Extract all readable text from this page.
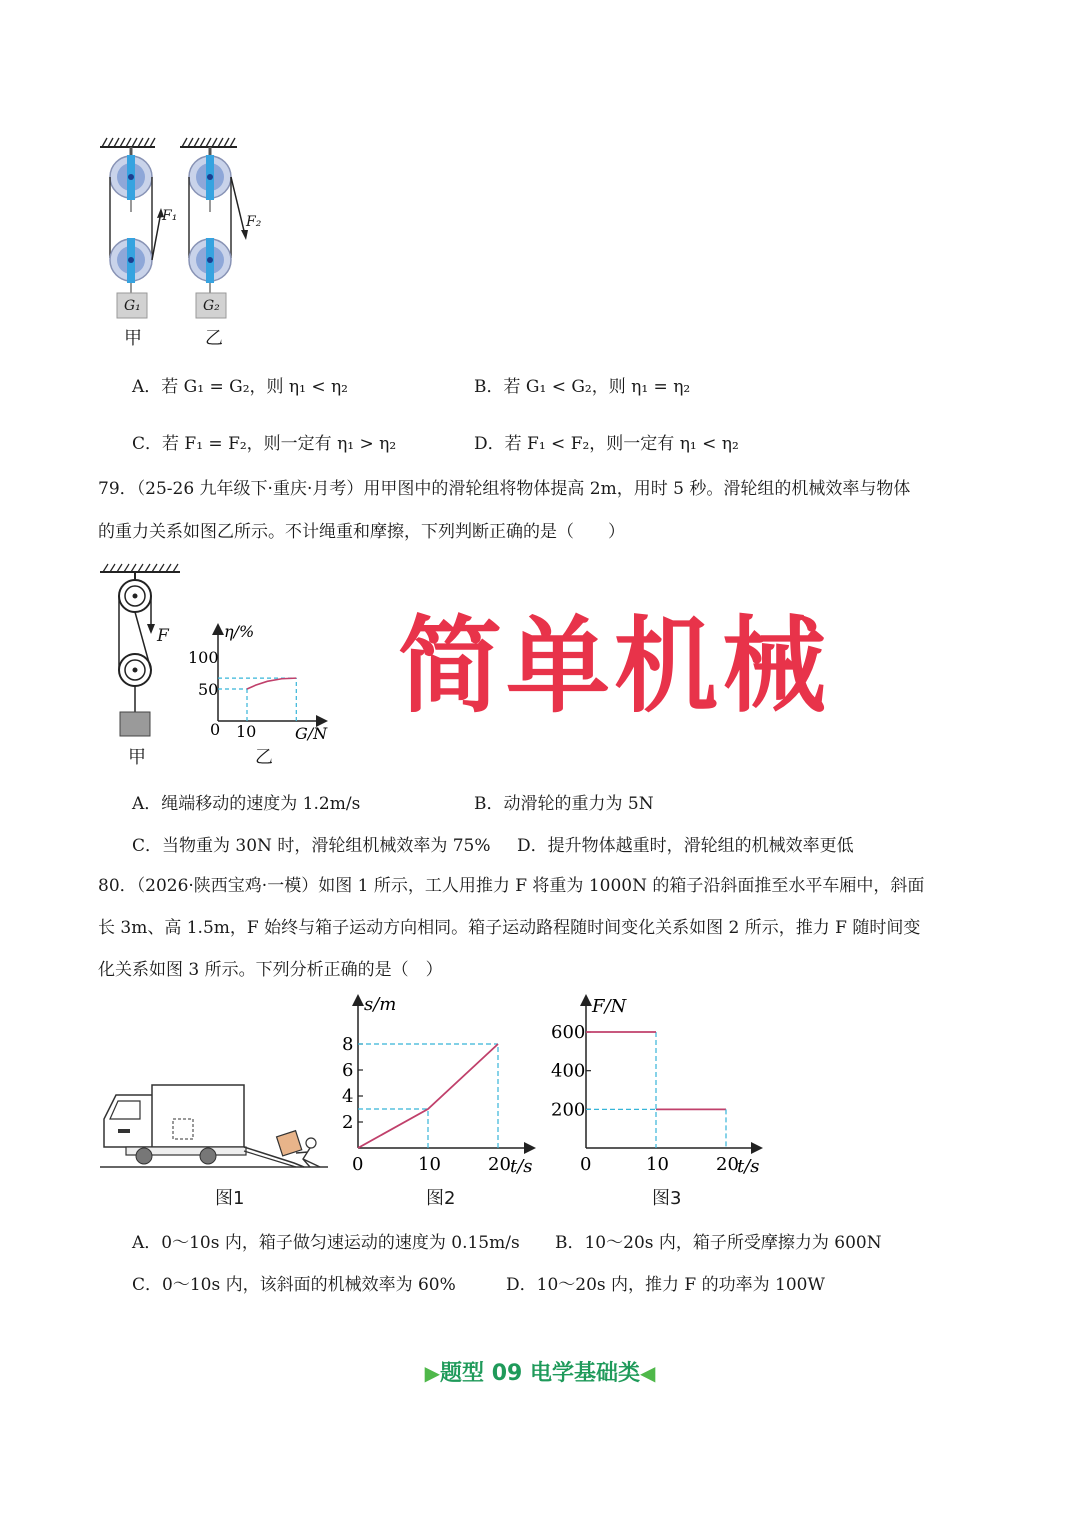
F₁	F₂
G₁	G₂
甲	乙
A．若 G₁ = G₂，则 η₁ < η₂	B．若 G₁ < G₂，则 η₁ = η₂
C．若 F₁ = F₂，则一定有 η₁ > η₂	D．若 F₁ < F₂，则一定有 η₁ < η₂
79．（25-26 九年级下·重庆·月考）用甲图中的滑轮组将物体提高 2m，用时 5 秒。滑轮组的机械效率与物体
的重力关系如图乙所示。不计绳重和摩擦，下列判断正确的是（　　）
F
甲
η/%
100
50
0 10 G/N
乙
简单机械
A．绳端移动的速度为 1.2m/s	B．动滑轮的重力为 5N
C．当物重为 30N 时，滑轮组机械效率为 75% D．提升物体越重时，滑轮组的机械效率更低
80．（2026·陕西宝鸡·一模）如图 1 所示，工人用推力 F 将重为 1000N 的箱子沿斜面推至水平车厢中，斜面
长 3m、高 1.5m，F 始终与箱子运动方向相同。箱子运动路程随时间变化关系如图 2 所示，推力 F 随时间变
化关系如图 3 所示。下列分析正确的是（　）
图1
2
4
6
8
0	10	20
s/m
t/s
图2
200
400
600
0	10	20
F/N
t/s
图3
A．0～10s 内，箱子做匀速运动的速度为 0.15m/s B．10～20s 内，箱子所受摩擦力为 600N
C．0～10s 内，该斜面的机械效率为 60%	D．10～20s 内，推力 F 的功率为 100W
▶题型 09 电学基础类◀
